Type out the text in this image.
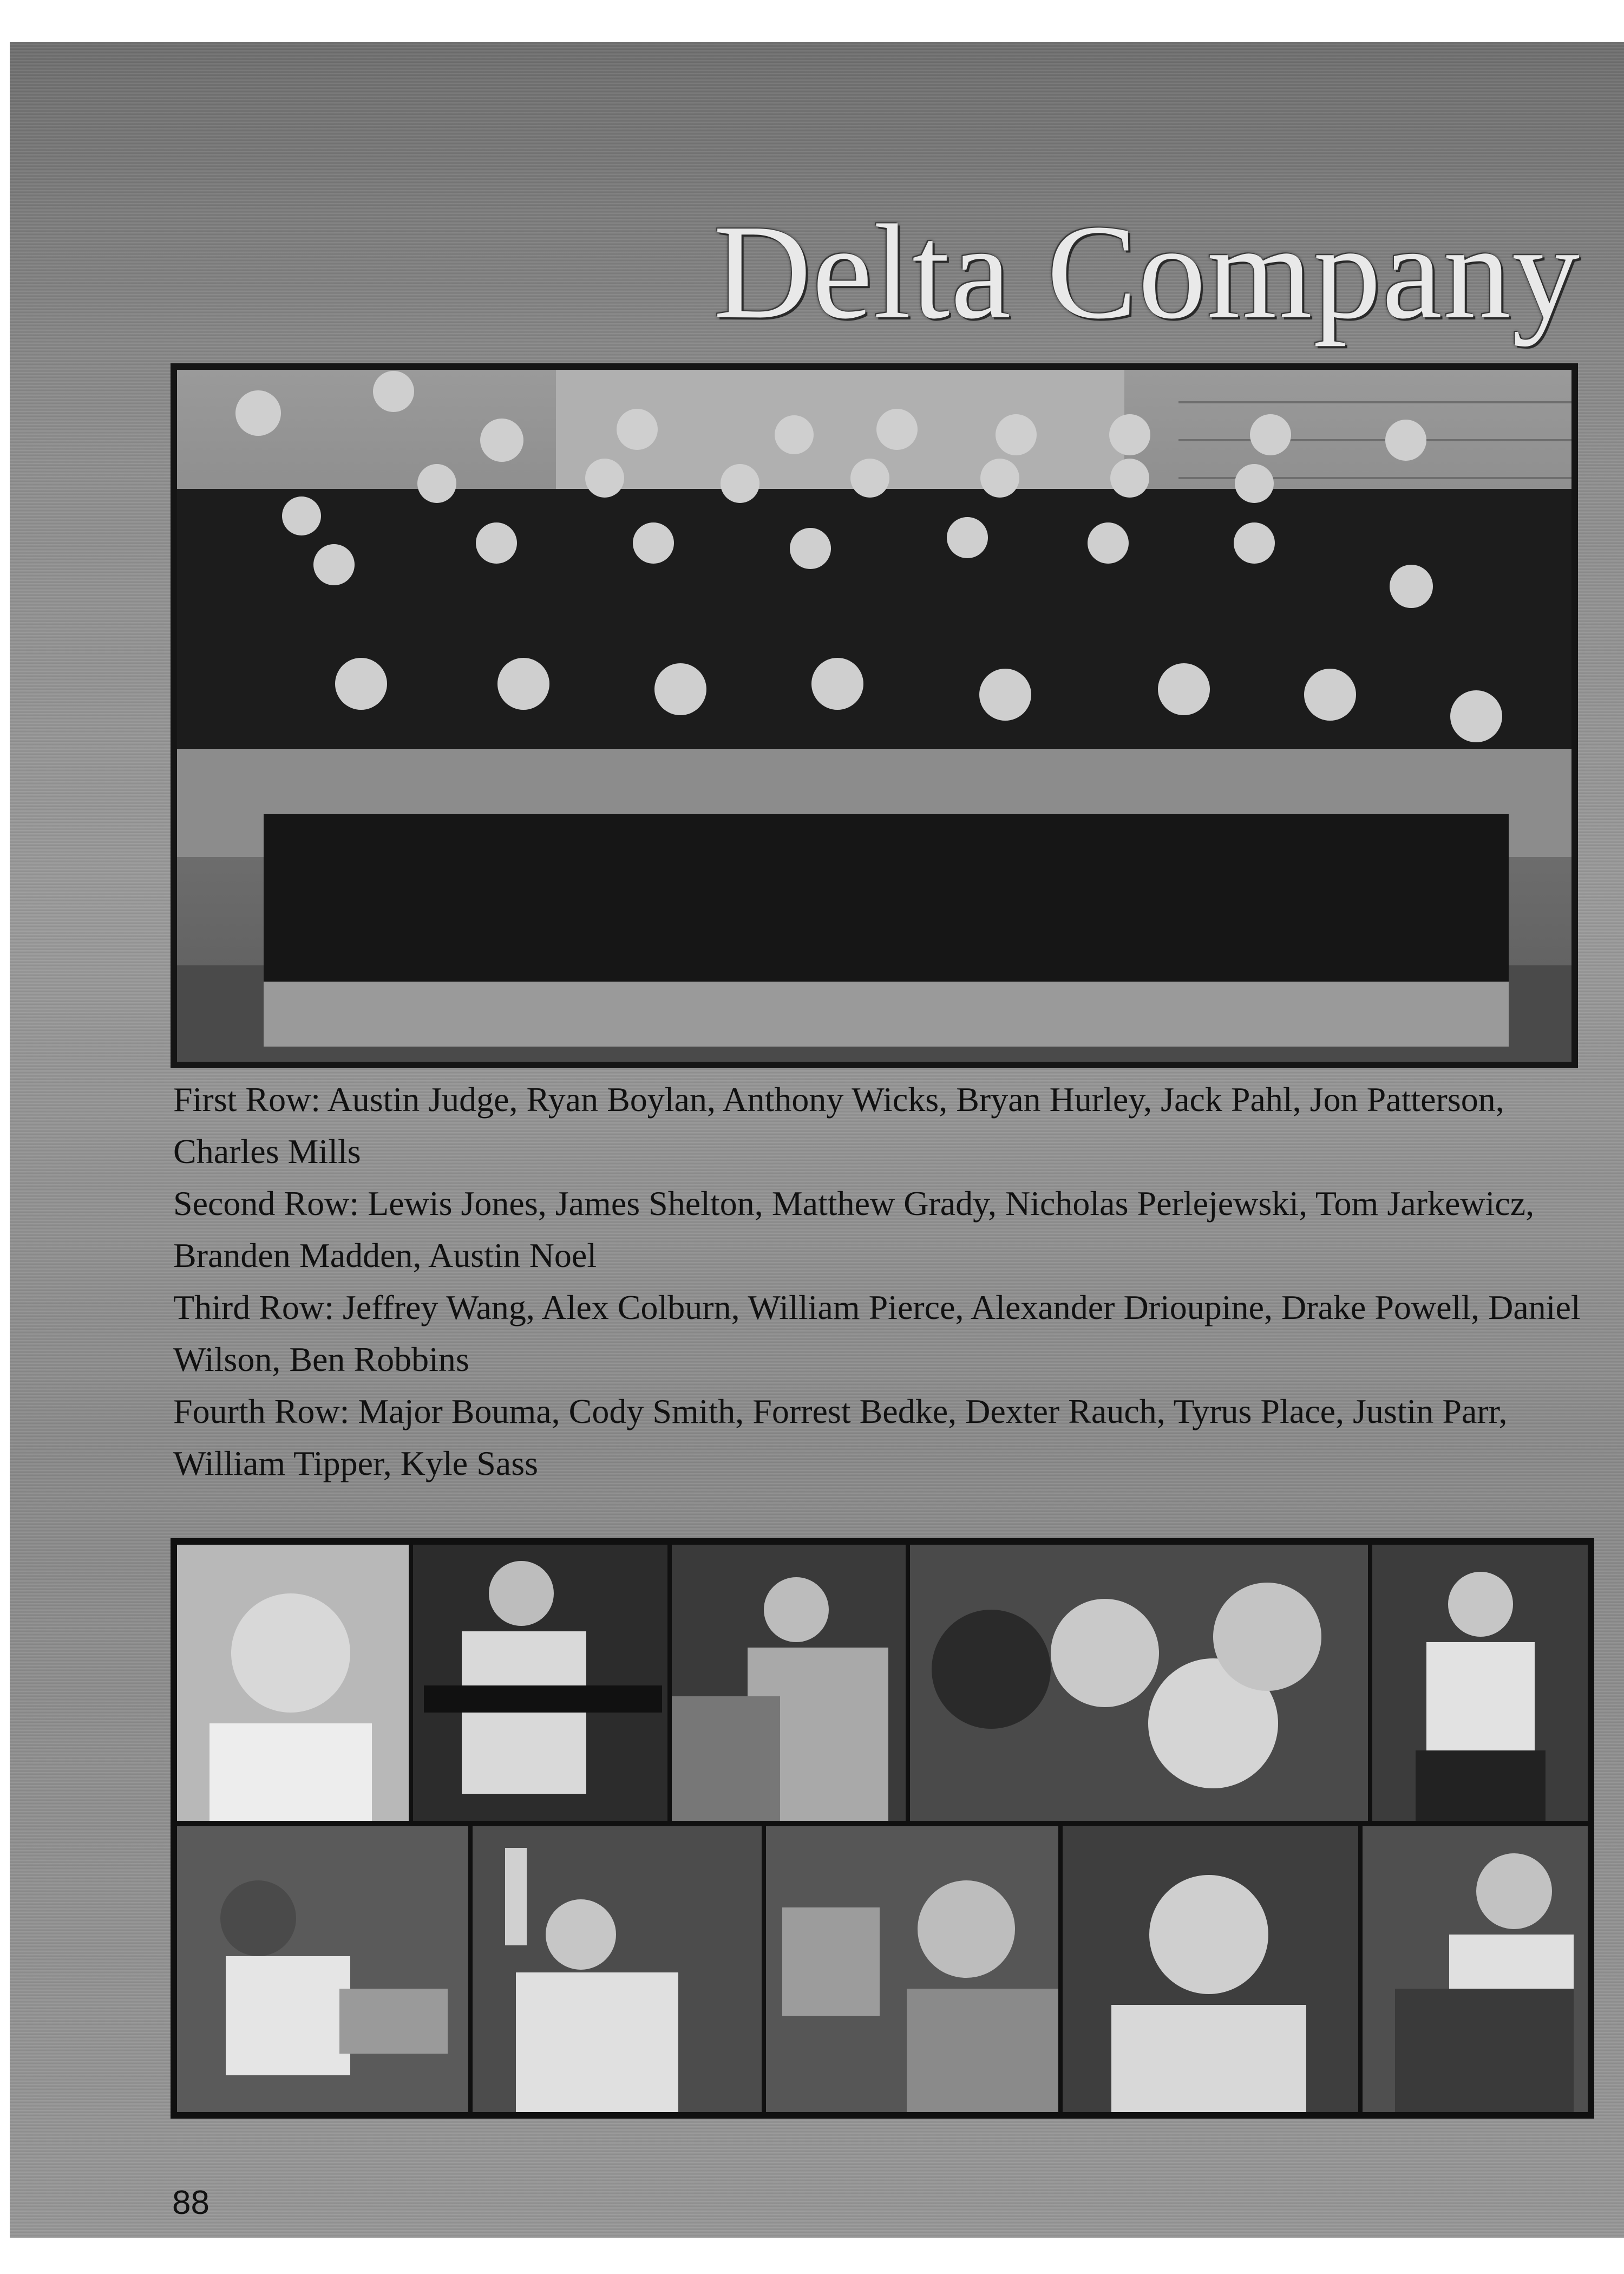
Delta Company

First Row: Austin Judge, Ryan Boylan, Anthony Wicks, Bryan Hurley, Jack Pahl, Jon Patterson, Charles Mills

Second Row: Lewis Jones, James Shelton, Matthew Grady, Nicholas Perlejewski, Tom Jarkewicz, Branden Madden, Austin Noel

Third Row: Jeffrey Wang, Alex Colburn, William Pierce, Alexander Drioupine, Drake Powell, Daniel Wilson, Ben Robbins

Fourth Row: Major Bouma, Cody Smith, Forrest Bedke, Dexter Rauch, Tyrus Place, Justin Parr, William Tipper, Kyle Sass

88
